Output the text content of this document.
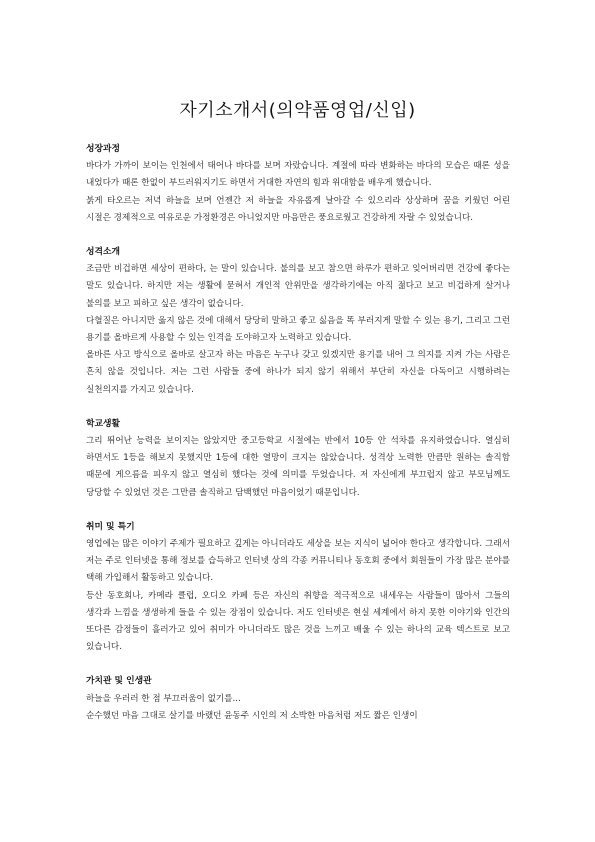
자기소개서(의약품영업/신입)

성장과정

바다가 가까이 보이는 인천에서 태어나 바다를 보며 자랐습니다. 계절에 따라 변화하는 바다의 모습은 때론 성을 내었다가 때론 한없이 부드러워지기도 하면서 거대한 자연의 힘과 위대함을 배우게 했습니다.

붉게 타오르는 저녁 하늘을 보며 언젠간 저 하늘을 자유롭게 날아갈 수 있으리라 상상하며 꿈을 키웠던 어린 시절은 경제적으로 여유로운 가정환경은 아니었지만 마음만은 풍요로웠고 건강하게 자랄 수 있었습니다.

성격소개

조금만 비겁하면 세상이 편하다, 는 말이 있습니다. 불의를 보고 참으면 하루가 편하고 잊어버리면 건강에 좋다는 말도 있습니다. 하지만 저는 생활에 묻혀서 개인적 안위만을 생각하기에는 아직 젊다고 보고 비겁하게 살거나 불의를 보고 피하고 싶은 생각이 없습니다.

다혈질은 아니지만 옳지 않은 것에 대해서 당당히 말하고 좋고 싫음을 똑 부러지게 말할 수 있는 용기, 그리고 그런 용기를 올바르게 사용할 수 있는 인격을 도야하고자 노력하고 있습니다.

올바른 사고 방식으로 올바로 살고자 하는 마음은 누구나 갖고 있겠지만 용기를 내어 그 의지를 지켜 가는 사람은 흔치 않을 것입니다. 저는 그런 사람들 중에 하나가 되지 않기 위해서 부단히 자신을 다독이고 시행하려는 실천의지를 가지고 있습니다.

학교생활

그리 뛰어난 능력을 보이지는 않았지만 중고등학교 시절에는 반에서 10등 안 석차를 유지하였습니다. 열심히 하면서도 1등을 해보지 못했지만 1등에 대한 열망이 크지는 않았습니다. 성격상 노력한 만큼만 원하는 솔직함 때문에 게으름을 피우지 않고 열심히 했다는 것에 의미를 두었습니다. 저 자신에게 부끄럽지 않고 부모님께도 당당할 수 있었던 것은 그만큼 솔직하고 담백했던 마음이었기 때문입니다.

취미 및 특기

영업에는 많은 이야기 주제가 필요하고 깊게는 아니더라도 세상을 보는 지식이 넓어야 한다고 생각합니다. 그래서 저는 주로 인터넷을 통해 정보를 습득하고 인터넷 상의 각종 커뮤니티나 동호회 중에서 회원들이 가장 많은 분야를 택해 가입해서 활동하고 있습니다.

등산 동호회나, 카메라 클럽, 오디오 카페 등은 자신의 취향을 적극적으로 내세우는 사람들이 많아서 그들의 생각과 느낌을 생생하게 들을 수 있는 장점이 있습니다. 저도 인터넷은 현실 세계에서 하지 못한 이야기와 인간의 또다른 감정들이 흘러가고 있어 취미가 아니더라도 많은 것을 느끼고 배울 수 있는 하나의 교육 텍스트로 보고 있습니다.

가치관 및 인생관

하늘을 우러러 한 점 부끄러움이 없기를...

순수했던 마음 그대로 살기를 바랬던 윤동주 시인의 저 소박한 마음처럼 저도 짧은 인생이
